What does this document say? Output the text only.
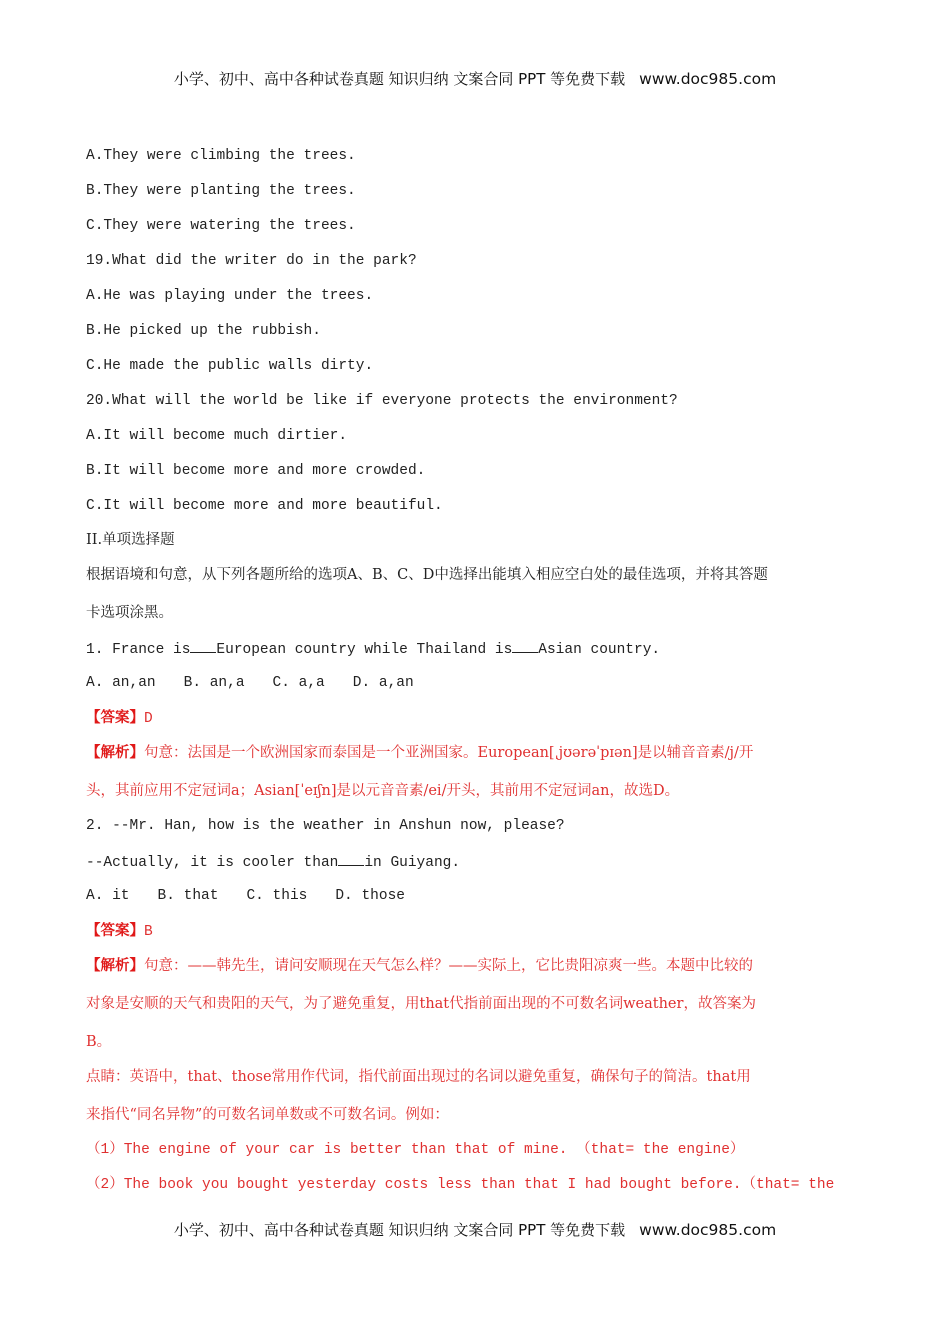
小学、初中、高中各种试卷真题 知识归纳 文案合同 PPT 等免费下载 www.doc985.com
A.They were climbing the trees.
B.They were planting the trees.
C.They were watering the trees.
19.What did the writer do in the park?
A.He was playing under the trees.
B.He picked up the rubbish.
C.He made the public walls dirty.
20.What will the world be like if everyone protects the environment?
A.It will become much dirtier.
B.It will become more and more crowded.
C.It will become more and more beautiful.
II.单项选择题
根据语境和句意，从下列各题所给的选项A、B、C、D中选择出能填入相应空白处的最佳选项，并将其答题
卡选项涂黑。
1. France is European country while Thailand is Asian country.
A. an,an B. an,a C. a,a D. a,an
【答案】D
【解析】句意：法国是一个欧洲国家而泰国是一个亚洲国家。European[ˌjʊərəˈpɪən]是以辅音音素/j/开
头，其前应用不定冠词a；Asian[ˈeɪʃn]是以元音音素/ei/开头，其前用不定冠词an，故选D。
2. --Mr. Han, how is the weather in Anshun now, please?
--Actually, it is cooler than in Guiyang.
A. it B. that C. this D. those
【答案】B
【解析】句意：——韩先生，请问安顺现在天气怎么样？——实际上，它比贵阳凉爽一些。本题中比较的
对象是安顺的天气和贵阳的天气，为了避免重复，用that代指前面出现的不可数名词weather，故答案为
B。
点睛：英语中，that、those常用作代词，指代前面出现过的名词以避免重复，确保句子的简洁。that用
来指代“同名异物”的可数名词单数或不可数名词。例如：
（1）The engine of your car is better than that of mine. （that= the engine）
（2）The book you bought yesterday costs less than that I had bought before.（that= the
小学、初中、高中各种试卷真题 知识归纳 文案合同 PPT 等免费下载 www.doc985.com
